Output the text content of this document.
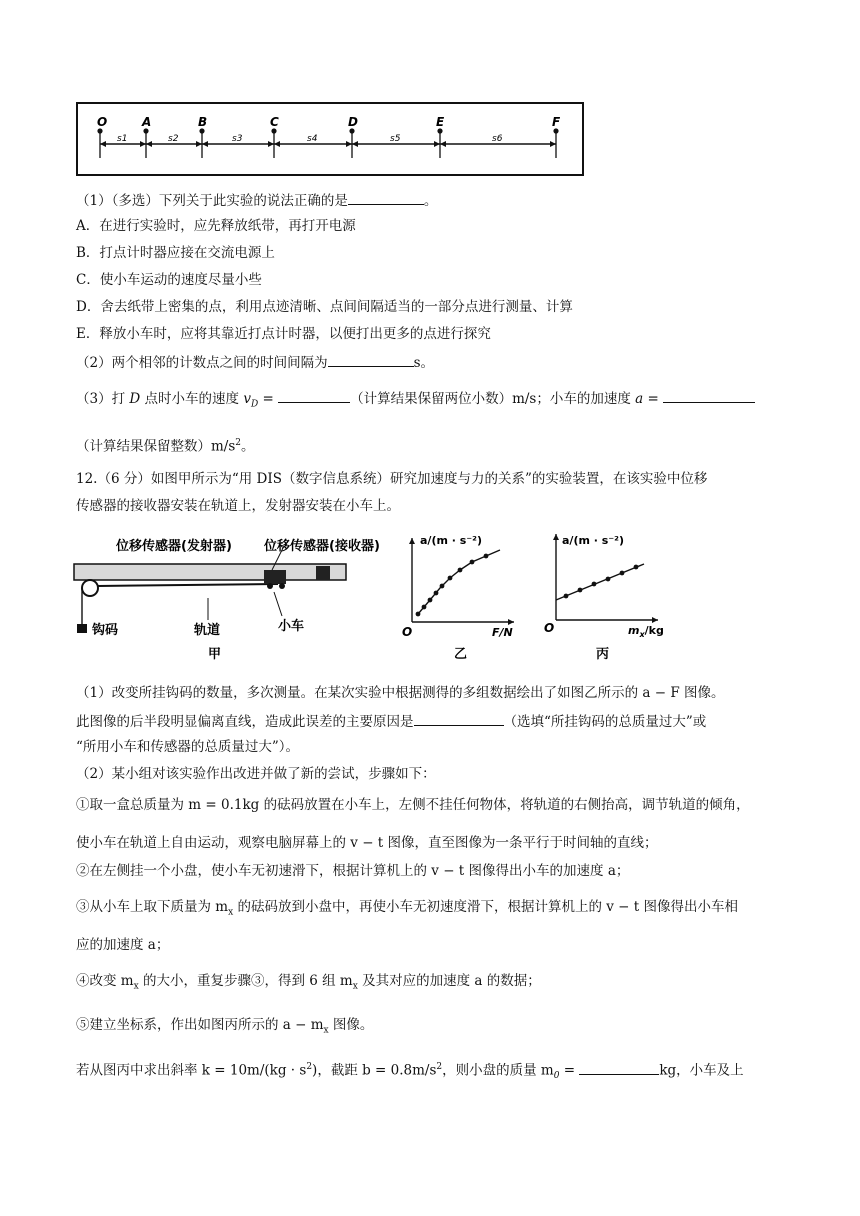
O	A	B	C	D	E	F
s1	s2	s3	s4	s5	s6
（1）（多选）下列关于此实验的说法正确的是	。
A．在进行实验时，应先释放纸带，再打开电源
B．打点计时器应接在交流电源上
C．使小车运动的速度尽量小些
D．舍去纸带上密集的点，利用点迹清晰、点间间隔适当的一部分点进行测量、计算
E．释放小车时，应将其靠近打点计时器，以便打出更多的点进行探究
（2）两个相邻的计数点之间的时间间隔为	s。
（3）打 D 点时小车的速度 $v_D$ =	（计算结果保留两位小数）m/s；小车的加速度 a =
（计算结果保留整数）$m/s^2$。
12.（6 分）如图甲所示为“用 DIS（数字信息系统）研究加速度与力的关系”的实验装置，在该实验中位移
传感器的接收器安装在轨道上，发射器安装在小车上。
位移传感器(发射器) 位移传感器(接收器)
钩码	轨道	小车
甲
a/(m · s⁻²)
F/N
O
乙
a/(m · s⁻²)
$m_x/kg$
O
丙
（1）改变所挂钩码的数量，多次测量。在某次实验中根据测得的多组数据绘出了如图乙所示的 a − F 图像。
此图像的后半段明显偏离直线，造成此误差的主要原因是	（选填“所挂钩码的总质量过大”或
“所用小车和传感器的总质量过大”）。
（2）某小组对该实验作出改进并做了新的尝试，步骤如下：
①取一盒总质量为 m = 0.1kg 的砝码放置在小车上，左侧不挂任何物体，将轨道的右侧抬高，调节轨道的倾角，
使小车在轨道上自由运动，观察电脑屏幕上的 v − t 图像，直至图像为一条平行于时间轴的直线；
②在左侧挂一个小盘，使小车无初速滑下，根据计算机上的 v − t 图像得出小车的加速度 a；
③从小车上取下质量为 $m_x$ 的砝码放到小盘中，再使小车无初速度滑下，根据计算机上的 v − t 图像得出小车相
应的加速度 a；
④改变 $m_x$ 的大小，重复步骤③，得到 6 组 $m_x$ 及其对应的加速度 a 的数据；
⑤建立坐标系，作出如图丙所示的 $a - m_x$ 图像。
若从图丙中求出斜率 $k = 10m/(kg \cdot s^2)$，截距 $b = 0.8m/s^2$，则小盘的质量 $m_0$ =	kg，小车及上
